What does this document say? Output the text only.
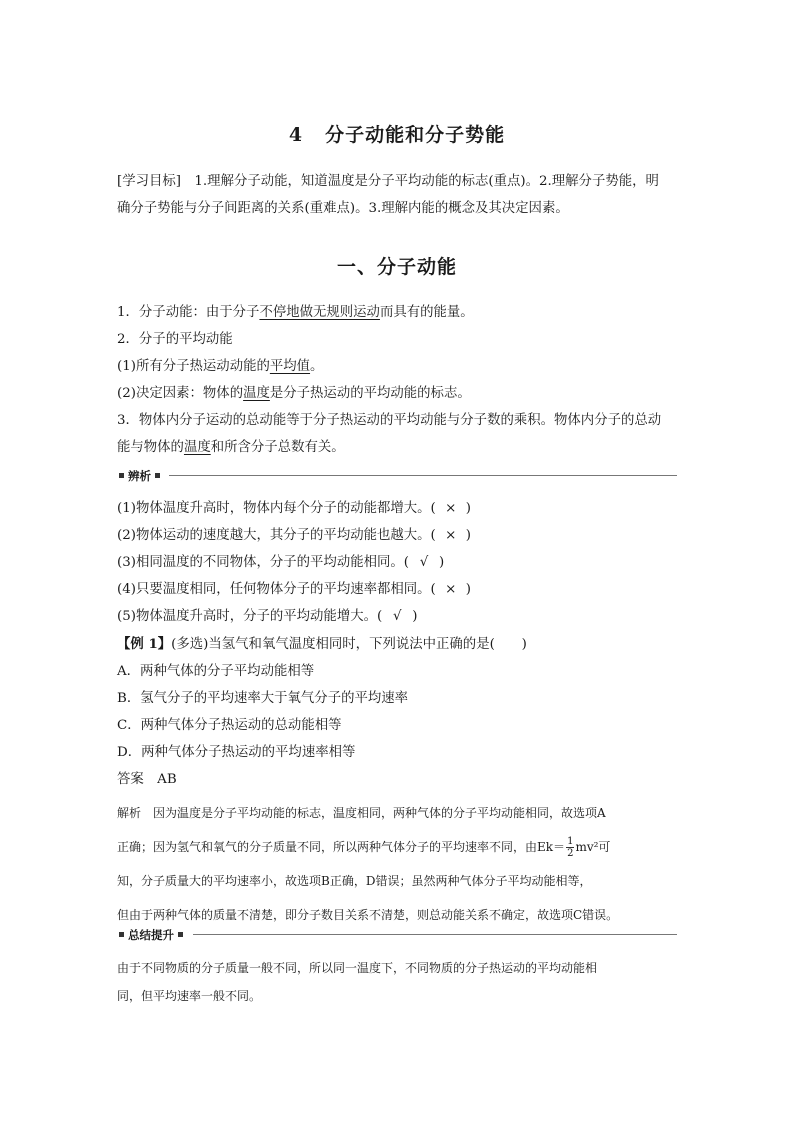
4 分子动能和分子势能
[学习目标]　 1.理解分子动能，知道温度是分子平均动能的标志(重点)。2.理解分子势能，明
确分子势能与分子间距离的关系(重难点)。3.理解内能的概念及其决定因素。
一、分子动能
1．分子动能：由于分子不停地做无规则运动而具有的能量。
2．分子的平均动能
(1)所有分子热运动动能的平均值。
(2)决定因素：物体的温度是分子热运动的平均动能的标志。
3．物体内分子运动的总动能等于分子热运动的平均动能与分子数的乘积。物体内分子的总动
能与物体的温度和所含分子总数有关。
辨析
(1)物体温度升高时，物体内每个分子的动能都增大。( × )
(2)物体运动的速度越大，其分子的平均动能也越大。( × )
(3)相同温度的不同物体，分子的平均动能相同。( √ )
(4)只要温度相同，任何物体分子的平均速率都相同。( × )
(5)物体温度升高时，分子的平均动能增大。( √ )
【例 1】(多选)当氢气和氧气温度相同时，下列说法中正确的是(　　)
A．两种气体的分子平均动能相等
B．氢气分子的平均速率大于氧气分子的平均速率
C．两种气体分子热运动的总动能相等
D．两种气体分子热运动的平均速率相等
答案　 AB
解析　 因为温度是分子平均动能的标志，温度相同，两种气体的分子平均动能相同，故选项A
正确；因为氢气和氧气的分子质量不同，所以两种气体分子的平均速率不同，由$Ek= \frac{1}{2} mv^2$可
知，分子质量大的平均速率小，故选项B正确，D错误；虽然两种气体分子平均动能相等，
但由于两种气体的质量不清楚，即分子数目关系不清楚，则总动能关系不确定，故选项C错误。
总结提升
由于不同物质的分子质量一般不同，所以同一温度下，不同物质的分子热运动的平均动能相
同，但平均速率一般不同。
